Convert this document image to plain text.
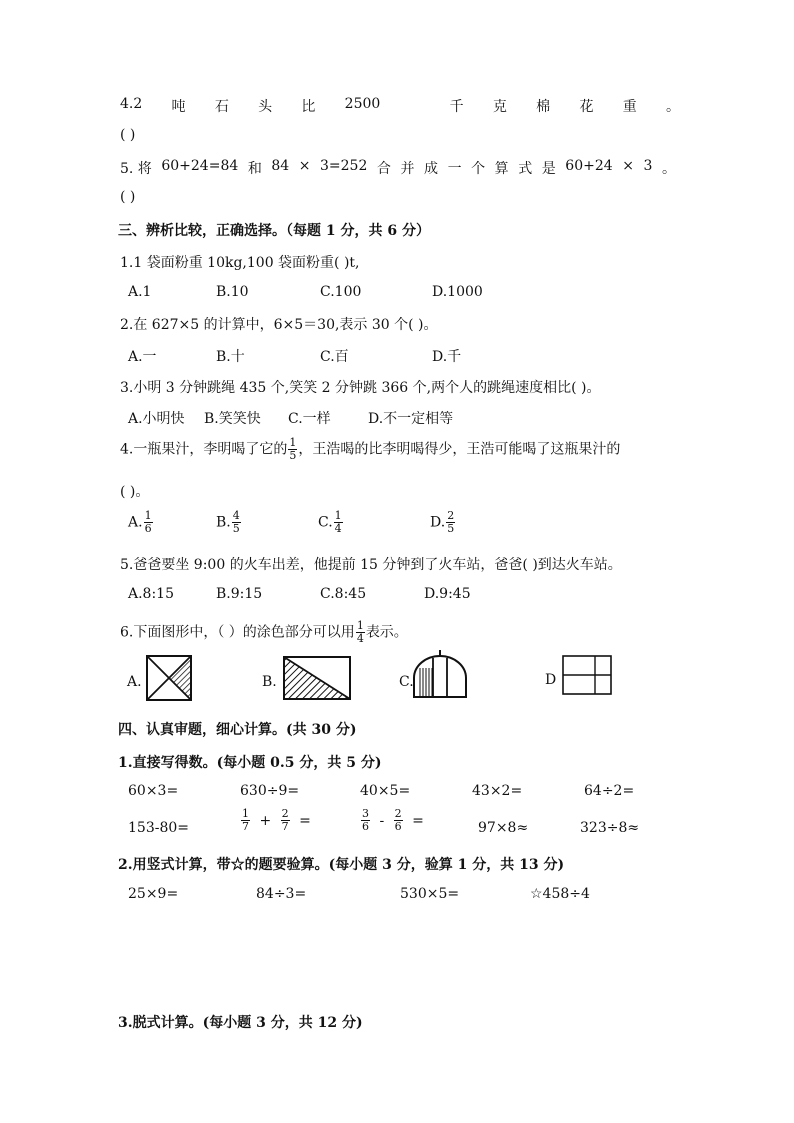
4.2 吨 石 头 比 2500	千 克 棉 花 重 。
( )
5. 将 60+24=84 和 84 × 3=252 合 并 成 一 个 算 式 是 60+24 × 3 。
( )
三、辨析比较，正确选择。（每题 1 分，共 6 分）
1.1 袋面粉重 10kg,100 袋面粉重( )t,
A.1	B.10	C.100	D.1000
2.在 627×5 的计算中，6×5＝30,表示 30 个( )。
A.一	B.十	C.百	D.千
3.小明 3 分钟跳绳 435 个,笑笑 2 分钟跳 366 个,两个人的跳绳速度相比( )。
A.小明快 B.笑笑快 C.一样	D.不一定相等
4.一瓶果汁，李明喝了它的 $\frac{1}{5}$ ，王浩喝的比李明喝得少，王浩可能喝了这瓶果汁的
( )。
A. $\frac{1}{6}$	B. $\frac{4}{5}$	C. $\frac{1}{4}$	D. $\frac{2}{5}$
5.爸爸要坐 9:00 的火车出差，他提前 15 分钟到了火车站，爸爸( )到达火车站。
A.8:15	B.9:15	C.8:45	D.9:45
6.下面图形中，（ ）的涂色部分可以用 $\frac{1}{4}$ 表示。
A.	B.	C.	D
四、认真审题，细心计算。(共 30 分)
1.直接写得数。(每小题 0.5 分，共 5 分)
60×3=	630÷9=	40×5=	43×2=	64÷2=
153-80=	$\frac{1}{7} + \frac{2}{7}$ =	$\frac{3}{6} - \frac{2}{6}$ =	97×8≈	323÷8≈
2.用竖式计算，带☆的题要验算。(每小题 3 分，验算 1 分，共 13 分)
25×9=	84÷3=	530×5=	☆458÷4
3.脱式计算。(每小题 3 分，共 12 分)
